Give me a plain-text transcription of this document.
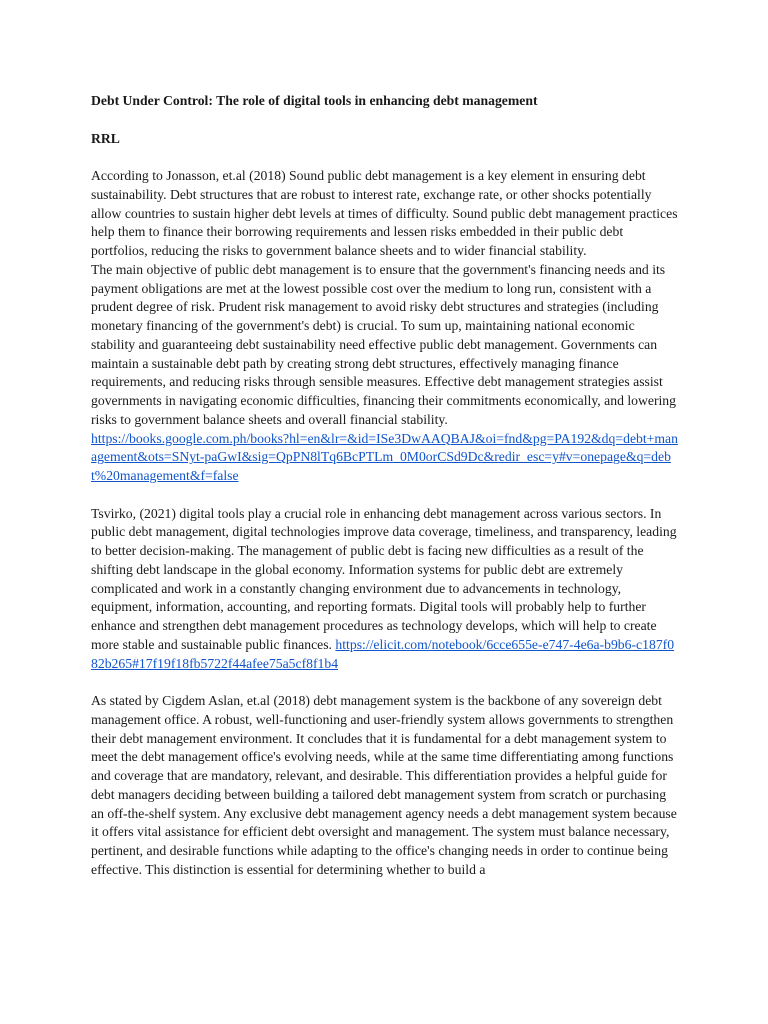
Debt Under Control: The role of digital tools in enhancing debt management

RRL

According to Jonasson, et.al (2018) Sound public debt management is a key element in ensuring debt sustainability. Debt structures that are robust to interest rate, exchange rate, or other shocks potentially allow countries to sustain higher debt levels at times of difficulty. Sound public debt management practices help them to finance their borrowing requirements and lessen risks embedded in their public debt portfolios, reducing the risks to government balance sheets and to wider financial stability.

The main objective of public debt management is to ensure that the government's financing needs and its payment obligations are met at the lowest possible cost over the medium to long run, consistent with a prudent degree of risk. Prudent risk management to avoid risky debt structures and strategies (including monetary financing of the government's debt) is crucial. To sum up, maintaining national economic stability and guaranteeing debt sustainability need effective public debt management. Governments can maintain a sustainable debt path by creating strong debt structures, effectively managing finance requirements, and reducing risks through sensible measures. Effective debt management strategies assist governments in navigating economic difficulties, financing their commitments economically, and lowering risks to government balance sheets and overall financial stability.
https://books.google.com.ph/books?hl=en&lr=&id=ISe3DwAAQBAJ&oi=fnd&pg=PA192&dq=debt+management&ots=SNyt-paGwI&sig=QpPN8lTq6BcPTLm_0M0orCSd9Dc&redir_esc=y#v=onepage&q=debt%20management&f=false

Tsvirko, (2021) digital tools play a crucial role in enhancing debt management across various sectors. In public debt management, digital technologies improve data coverage, timeliness, and transparency, leading to better decision-making. The management of public debt is facing new difficulties as a result of the shifting debt landscape in the global economy. Information systems for public debt are extremely complicated and work in a constantly changing environment due to advancements in technology, equipment, information, accounting, and reporting formats. Digital tools will probably help to further enhance and strengthen debt management procedures as technology develops, which will help to create more stable and sustainable public finances. https://elicit.com/notebook/6cce655e-e747-4e6a-b9b6-c187f082b265#17f19f18fb5722f44afee75a5cf8f1b4

As stated by Cigdem Aslan, et.al (2018) debt management system is the backbone of any sovereign debt management office. A robust, well-functioning and user-friendly system allows governments to strengthen their debt management environment. It concludes that it is fundamental for a debt management system to meet the debt management office's evolving needs, while at the same time differentiating among functions and coverage that are mandatory, relevant, and desirable. This differentiation provides a helpful guide for debt managers deciding between building a tailored debt management system from scratch or purchasing an off-the-shelf system. Any exclusive debt management agency needs a debt management system because it offers vital assistance for efficient debt oversight and management. The system must balance necessary, pertinent, and desirable functions while adapting to the office's changing needs in order to continue being effective. This distinction is essential for determining whether to build a
